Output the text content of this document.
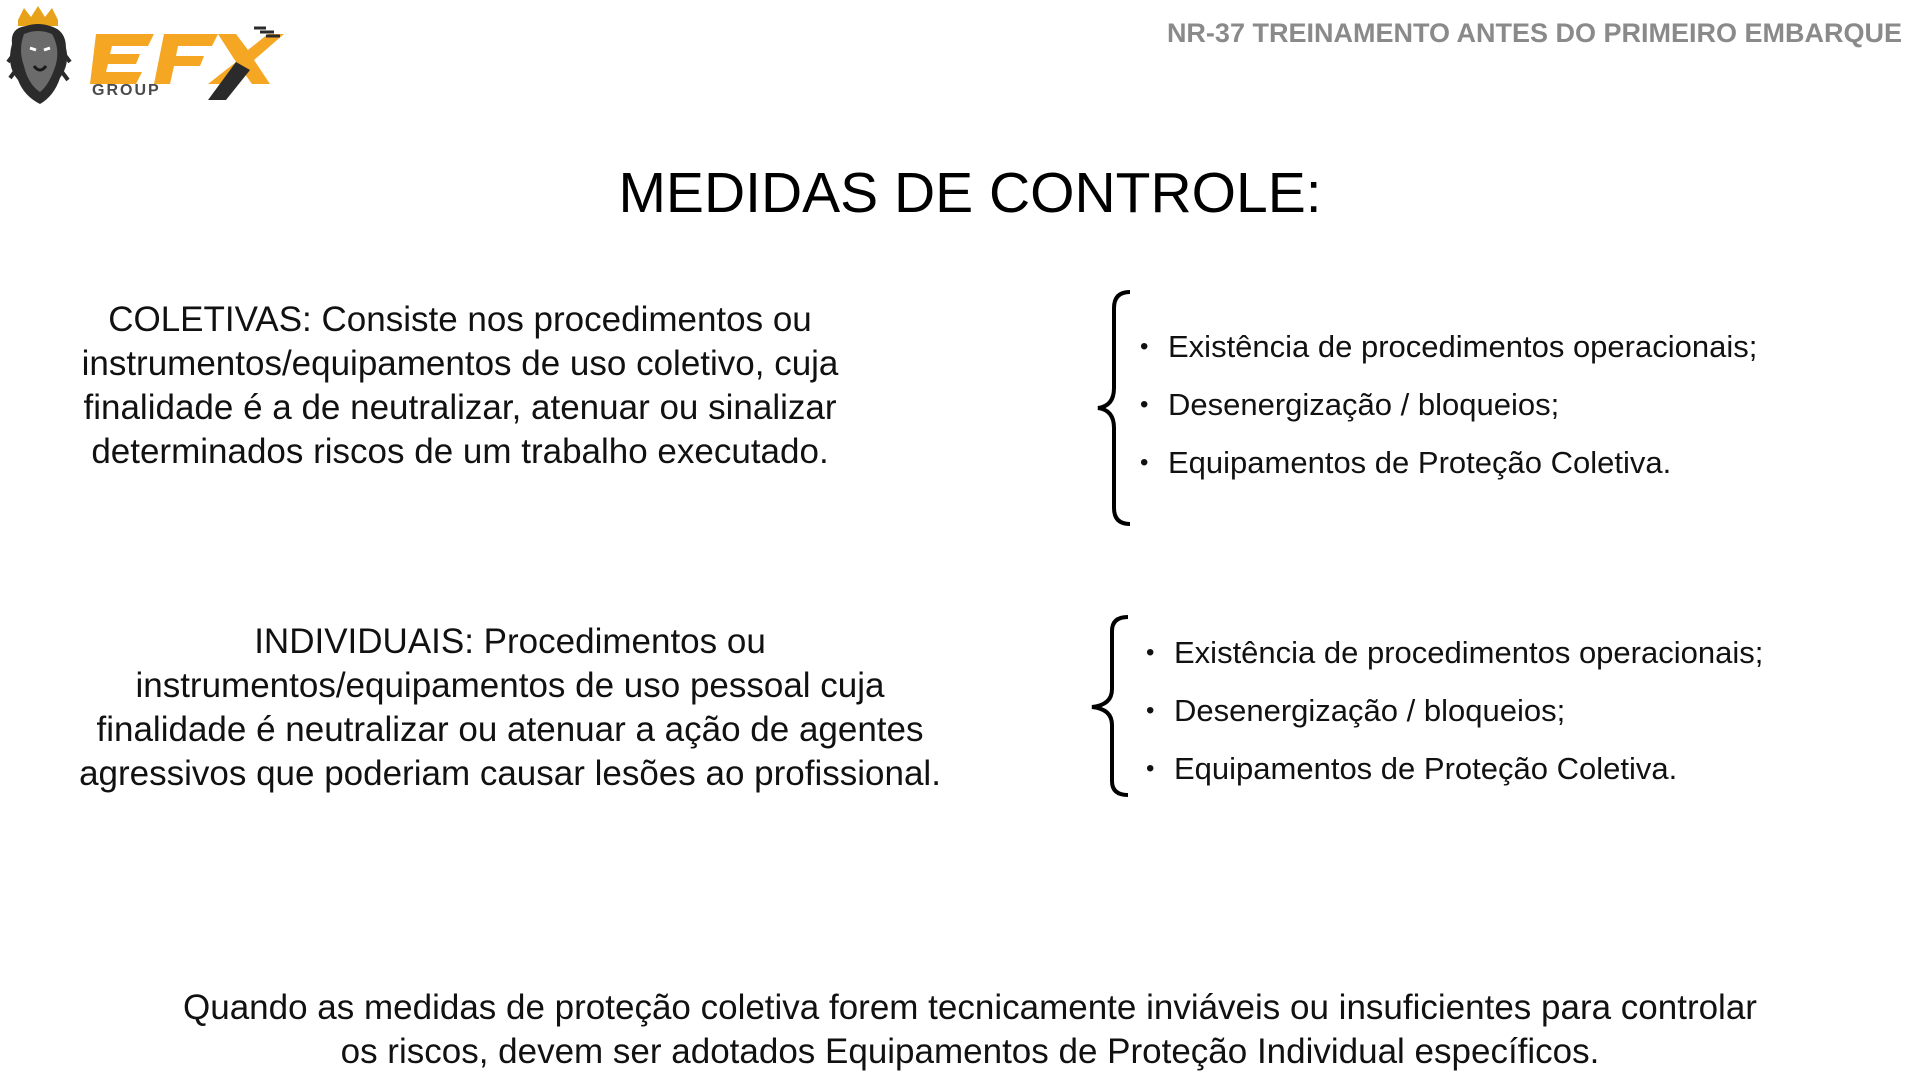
GROUP
NR-37 TREINAMENTO ANTES DO PRIMEIRO EMBARQUE
MEDIDAS DE CONTROLE:
COLETIVAS: Consiste nos procedimentos ou
instrumentos/equipamentos de uso coletivo, cuja
finalidade é a de neutralizar, atenuar ou sinalizar
determinados riscos de um trabalho executado.
• Existência de procedimentos operacionais;
• Desenergização / bloqueios;
• Equipamentos de Proteção Coletiva.
INDIVIDUAIS: Procedimentos ou
instrumentos/equipamentos de uso pessoal cuja
finalidade é neutralizar ou atenuar a ação de agentes
agressivos que poderiam causar lesões ao profissional.
• Existência de procedimentos operacionais;
• Desenergização / bloqueios;
• Equipamentos de Proteção Coletiva.
Quando as medidas de proteção coletiva forem tecnicamente inviáveis ou insuficientes para controlar
os riscos, devem ser adotados Equipamentos de Proteção Individual específicos.
